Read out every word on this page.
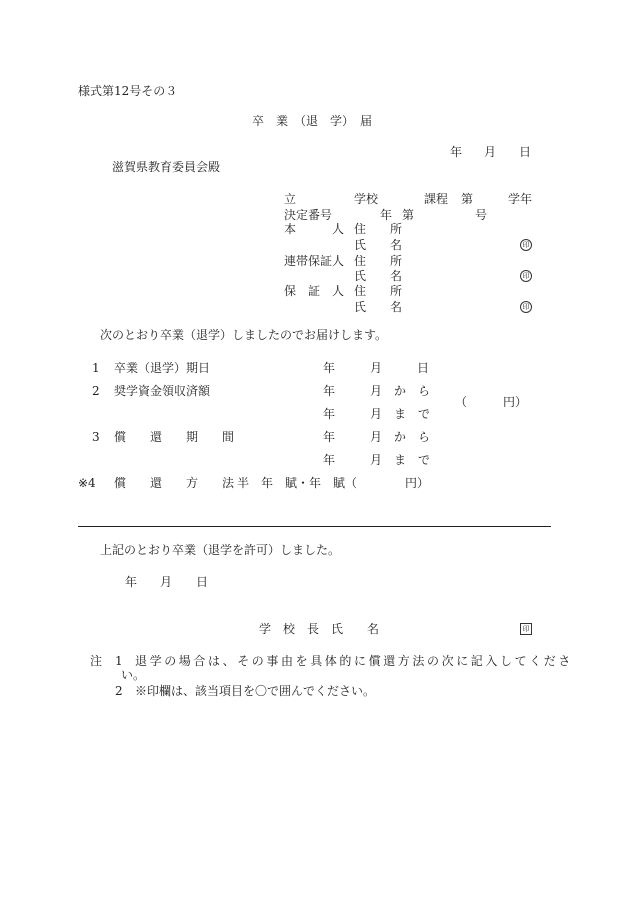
様式第12号その３
卒　業　（退　学）　届
年 月 日
滋賀県教育委員会殿
立	学校	課程 第	学年
決定番号	年 第	号
本　　　人 住　　所
氏　　名	印
連帯保証人 住　　所
氏　　名	印
保　証　人 住　　所
氏　　名	印
次のとおり卒業（退学）しましたのでお届けします。
1 卒業（退学）期日	年	月	日
2 奨学資金領収済額	年	月 か　ら
年	月 ま　で
（　　　円）
3 償　　還　　期　　間	年	月 か　ら
年	月 ま　で
※4 償　　還　　方　　法 半　年　賦・年　賦（　　　　円）
上記のとおり卒業（退学を許可）しました。
年 月 日
学　校　長　氏　　名	印
注 1 退学の場合は、その事由を具体的に償還方法の次に記入してくださ
い。
2 ※印欄は、該当項目を〇で囲んでください。
